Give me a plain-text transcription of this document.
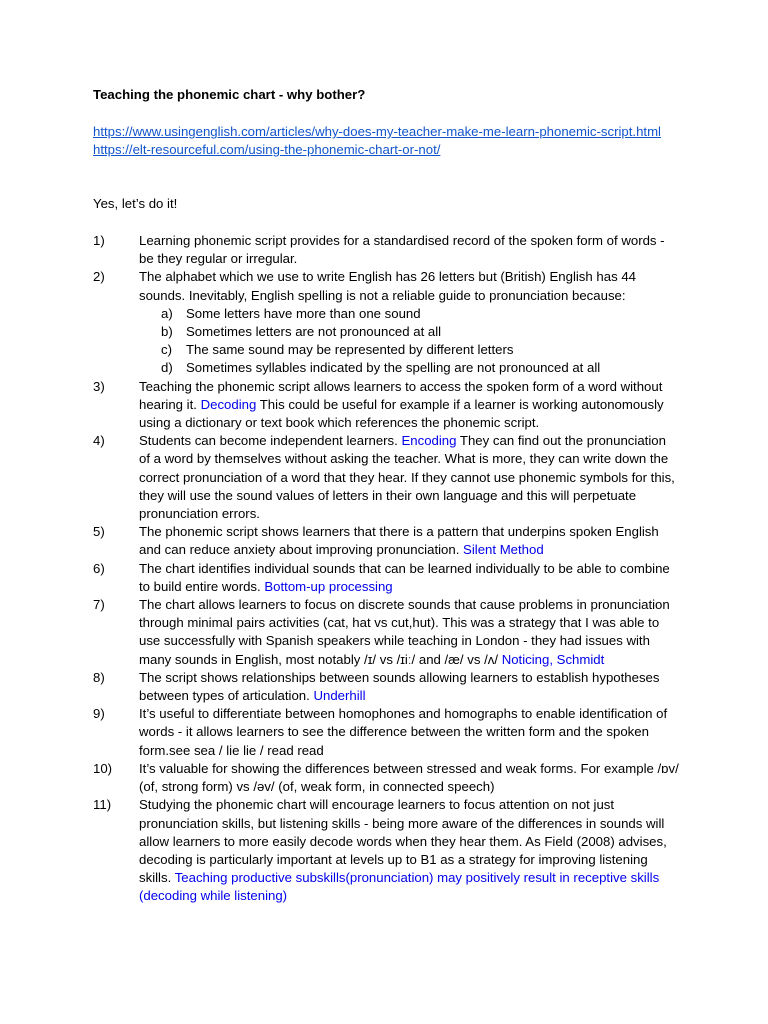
Teaching the phonemic chart - why bother?
https://www.usingenglish.com/articles/why-does-my-teacher-make-me-learn-phonemic-script.html
https://elt-resourceful.com/using-the-phonemic-chart-or-not/
Yes, let’s do it!
1)	Learning phonemic script provides for a standardised record of the spoken form of words - be they regular or irregular.
2)	The alphabet which we use to write English has 26 letters but (British) English has 44 sounds. Inevitably, English spelling is not a reliable guide to pronunciation because:
a) Some letters have more than one sound
b) Sometimes letters are not pronounced at all
c) The same sound may be represented by different letters
d) Sometimes syllables indicated by the spelling are not pronounced at all
3)	Teaching the phonemic script allows learners to access the spoken form of a word without hearing it. Decoding This could be useful for example if a learner is working autonomously using a dictionary or text book which references the phonemic script.
4)	Students can become independent learners. Encoding They can find out the pronunciation of a word by themselves without asking the teacher. What is more, they can write down the correct pronunciation of a word that they hear. If they cannot use phonemic symbols for this, they will use the sound values of letters in their own language and this will perpetuate pronunciation errors.
5)	The phonemic script shows learners that there is a pattern that underpins spoken English and can reduce anxiety about improving pronunciation. Silent Method
6)	The chart identifies individual sounds that can be learned individually to be able to combine to build entire words. Bottom-up processing
7)	The chart allows learners to focus on discrete sounds that cause problems in pronunciation through minimal pairs activities (cat, hat vs cut,hut). This was a strategy that I was able to use successfully with Spanish speakers while teaching in London - they had issues with many sounds in English, most notably /ɪ/ vs /ɪiː/ and /æ/ vs /ʌ/ Noticing, Schmidt
8)	The script shows relationships between sounds allowing learners to establish hypotheses between types of articulation. Underhill
9)	It’s useful to differentiate between homophones and homographs to enable identification of words - it allows learners to see the difference between the written form and the spoken form.see sea / lie lie / read read
10)	It’s valuable for showing the differences between stressed and weak forms. For example /ɒv/ (of, strong form) vs /əv/ (of, weak form, in connected speech)
11)	Studying the phonemic chart will encourage learners to focus attention on not just pronunciation skills, but listening skills - being more aware of the differences in sounds will allow learners to more easily decode words when they hear them. As Field (2008) advises, decoding is particularly important at levels up to B1 as a strategy for improving listening skills. Teaching productive subskills(pronunciation) may positively result in receptive skills (decoding while listening)
